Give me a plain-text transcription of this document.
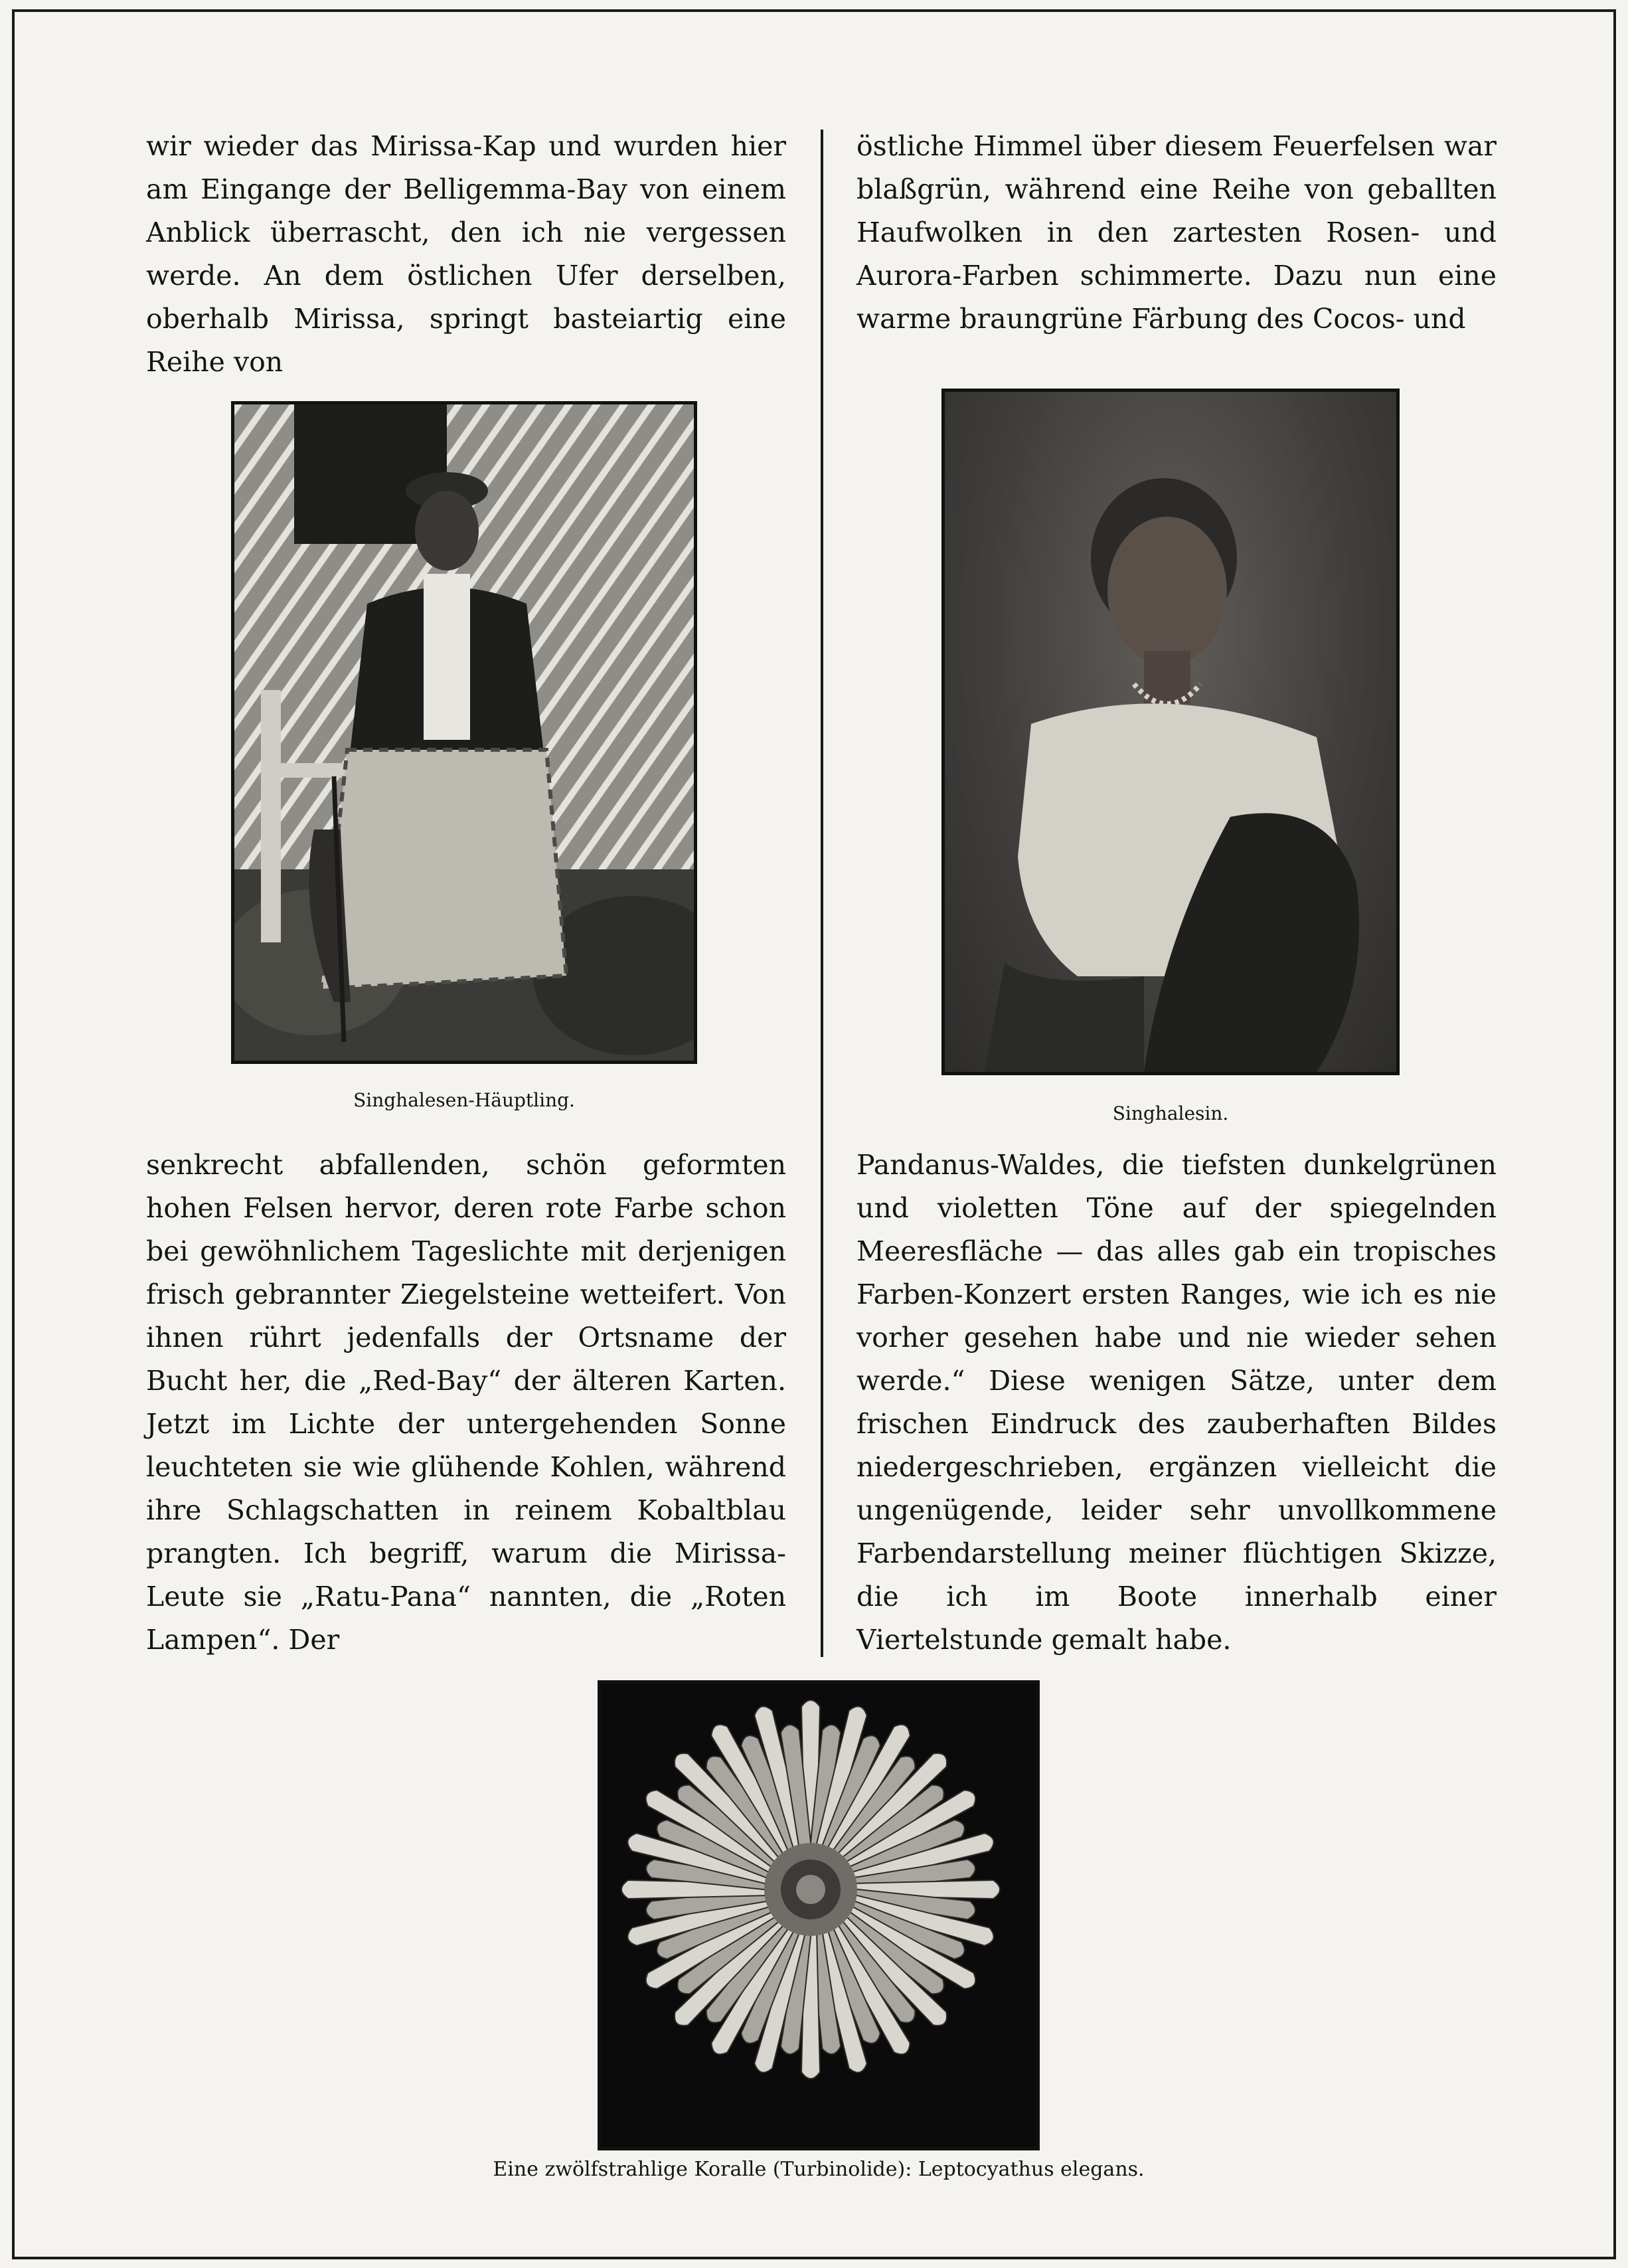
wir wieder das Mirissa-Kap und wurden hier am Eingange der Belligemma-Bay von einem Anblick überrascht, den ich nie vergessen werde. An dem östlichen Ufer derselben, oberhalb Mirissa, springt basteiartig eine Reihe von

östliche Himmel über diesem Feuerfelsen war blaßgrün, während eine Reihe von geballten Haufwolken in den zartesten Rosen- und Aurora-Farben schimmerte. Dazu nun eine warme braungrüne Färbung des Cocos- und

Singhalesen-Häuptling.
Singhalesin.

senkrecht abfallenden, schön geformten hohen Felsen hervor, deren rote Farbe schon bei gewöhnlichem Tageslichte mit derjenigen frisch gebrannter Ziegelsteine wetteifert. Von ihnen rührt jedenfalls der Ortsname der Bucht her, die „Red-Bay“ der älteren Karten. Jetzt im Lichte der untergehenden Sonne leuchteten sie wie glühende Kohlen, während ihre Schlagschatten in reinem Kobaltblau prangten. Ich begriff, warum die Mirissa-Leute sie „Ratu-Pana“ nannten, die „Roten Lampen“. Der

Pandanus-Waldes, die tiefsten dunkelgrünen und violetten Töne auf der spiegelnden Meeresfläche — das alles gab ein tropisches Farben-Konzert ersten Ranges, wie ich es nie vorher gesehen habe und nie wieder sehen werde.“ Diese wenigen Sätze, unter dem frischen Eindruck des zauberhaften Bildes niedergeschrieben, ergänzen vielleicht die ungenügende, leider sehr unvollkommene Farbendarstellung meiner flüchtigen Skizze, die ich im Boote innerhalb einer Viertelstunde gemalt habe.

Eine zwölfstrahlige Koralle (Turbinolide): Leptocyathus elegans.
